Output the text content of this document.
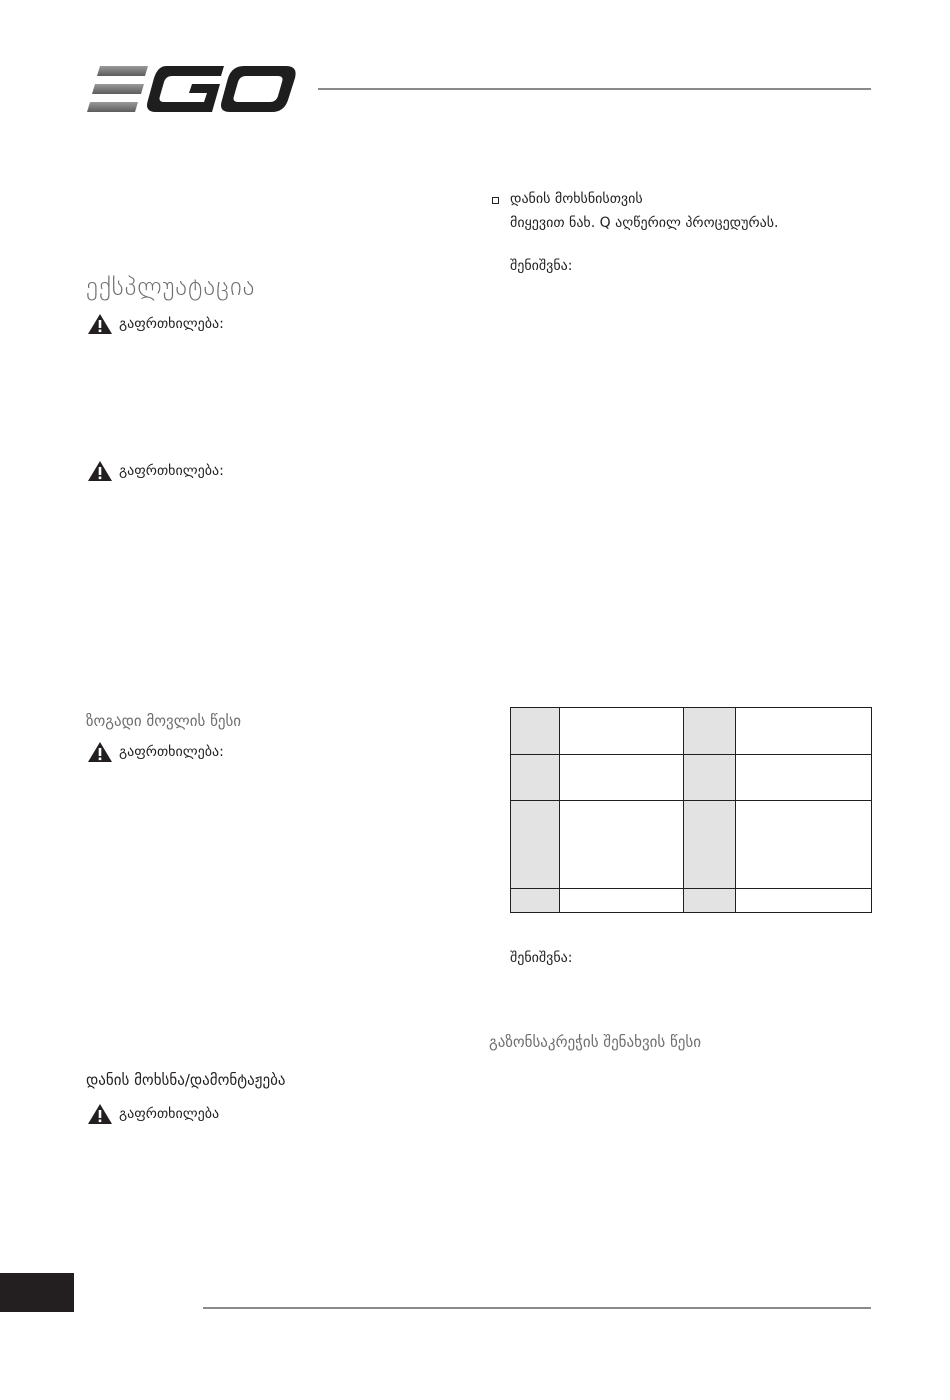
ექსპლუატაცია
გაფრთხილება:
გაფრთხილება:
ზოგადი მოვლის წესი
გაფრთხილება:
დანის მოხსნა/დამონტაჟება
გაფრთხილება
დანის მოხსნისთვის
მიყევით ნახ. Q აღწერილ პროცედურას.
შენიშვნა:

შენიშვნა:
გაზონსაკრეჭის შენახვის წესი
